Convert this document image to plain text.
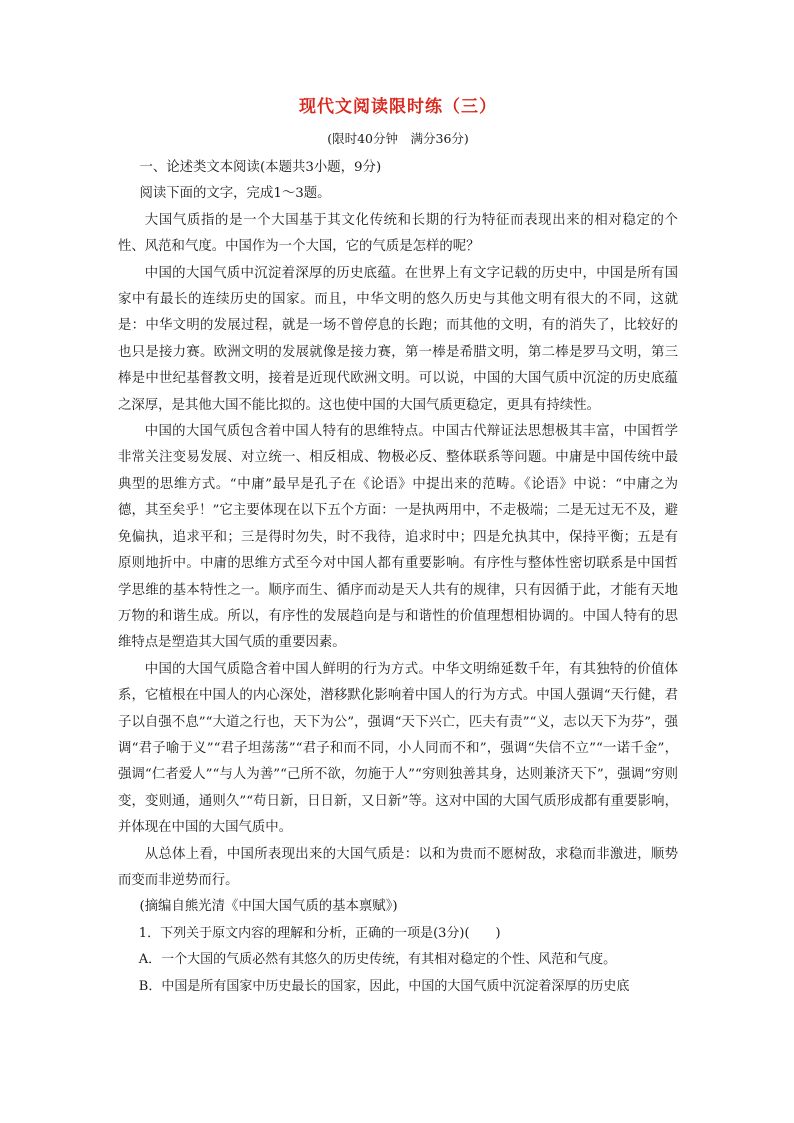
现代文阅读限时练（三）
(限时40分钟　满分36分)

一、论述类文本阅读(本题共3小题，9分)

阅读下面的文字，完成1～3题。

大国气质指的是一个大国基于其文化传统和长期的行为特征而表现出来的相对稳定的个性、风范和气度。中国作为一个大国，它的气质是怎样的呢？

中国的大国气质中沉淀着深厚的历史底蕴。在世界上有文字记载的历史中，中国是所有国家中有最长的连续历史的国家。而且，中华文明的悠久历史与其他文明有很大的不同，这就是：中华文明的发展过程，就是一场不曾停息的长跑；而其他的文明，有的消失了，比较好的也只是接力赛。欧洲文明的发展就像是接力赛，第一棒是希腊文明，第二棒是罗马文明，第三棒是中世纪基督教文明，接着是近现代欧洲文明。可以说，中国的大国气质中沉淀的历史底蕴之深厚，是其他大国不能比拟的。这也使中国的大国气质更稳定，更具有持续性。

中国的大国气质包含着中国人特有的思维特点。中国古代辩证法思想极其丰富，中国哲学非常关注变易发展、对立统一、相反相成、物极必反、整体联系等问题。中庸是中国传统中最典型的思维方式。“中庸”最早是孔子在《论语》中提出来的范畴。《论语》中说：“中庸之为德，其至矣乎！”它主要体现在以下五个方面：一是执两用中，不走极端；二是无过无不及，避免偏执，追求平和；三是得时勿失，时不我待，追求时中；四是允执其中，保持平衡；五是有原则地折中。中庸的思维方式至今对中国人都有重要影响。有序性与整体性密切联系是中国哲学思维的基本特性之一。顺序而生、循序而动是天人共有的规律，只有因循于此，才能有天地万物的和谐生成。所以，有序性的发展趋向是与和谐性的价值理想相协调的。中国人特有的思维特点是塑造其大国气质的重要因素。

中国的大国气质隐含着中国人鲜明的行为方式。中华文明绵延数千年，有其独特的价值体系，它植根在中国人的内心深处，潜移默化影响着中国人的行为方式。中国人强调“天行健，君子以自强不息”“大道之行也，天下为公”，强调“天下兴亡，匹夫有责”“义，志以天下为芬”，强调“君子喻于义”“君子坦荡荡”“君子和而不同，小人同而不和”，强调“失信不立”“一诺千金”，强调“仁者爱人”“与人为善”“己所不欲，勿施于人”“穷则独善其身，达则兼济天下”，强调“穷则变，变则通，通则久”“苟日新，日日新，又日新”等。这对中国的大国气质形成都有重要影响，并体现在中国的大国气质中。

从总体上看，中国所表现出来的大国气质是：以和为贵而不愿树敌，求稳而非激进，顺势而变而非逆势而行。

(摘编自熊光清《中国大国气质的基本禀赋》)

1．下列关于原文内容的理解和分析，正确的一项是(3分)(　　)

A．一个大国的气质必然有其悠久的历史传统，有其相对稳定的个性、风范和气度。

B．中国是所有国家中历史最长的国家，因此，中国的大国气质中沉淀着深厚的历史底
